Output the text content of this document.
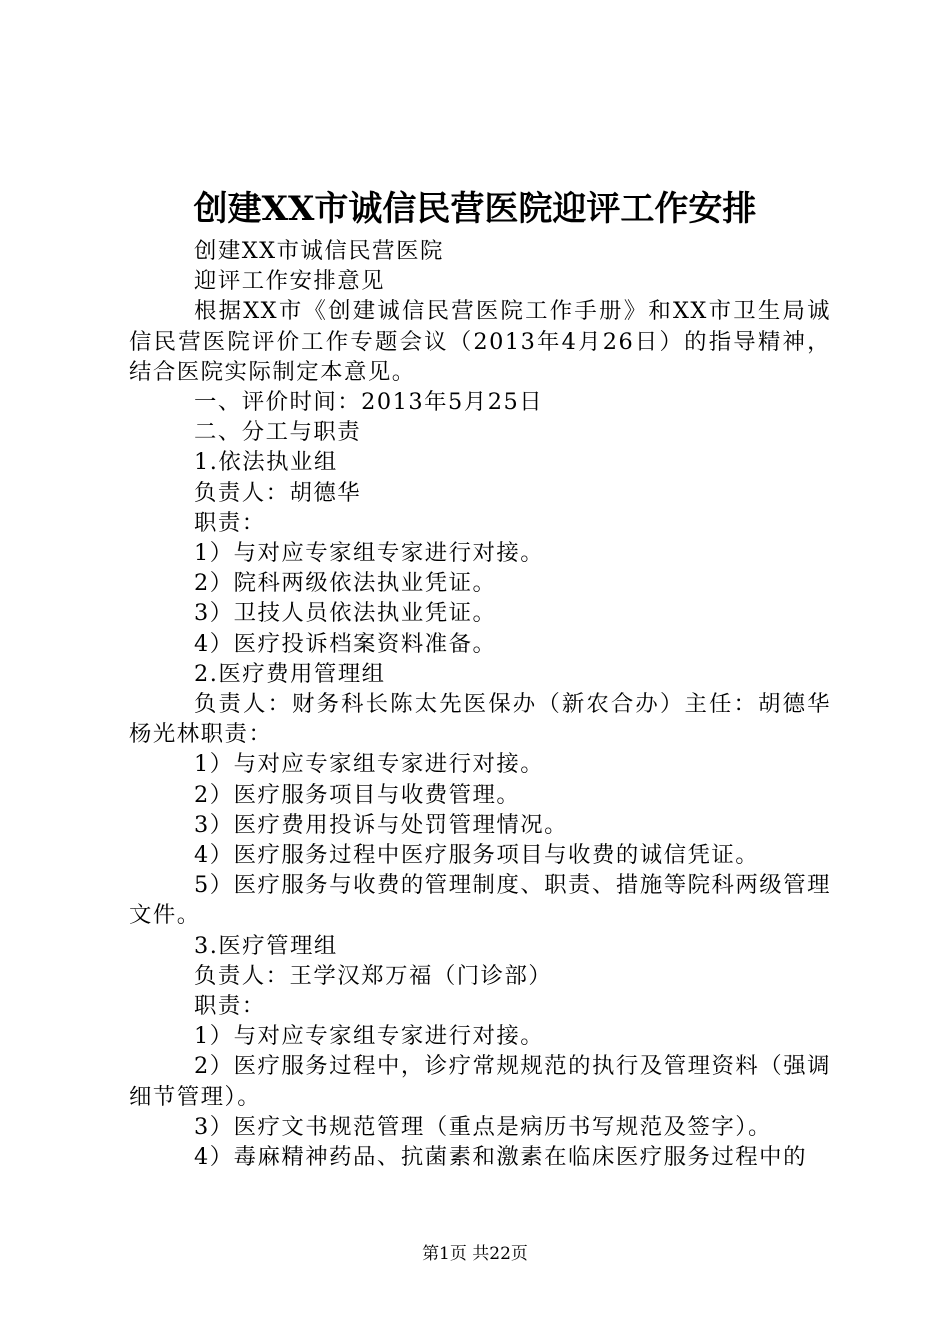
创建XX市诚信民营医院迎评工作安排

创建XX市诚信民营医院

迎评工作安排意见

根据XX市《创建诚信民营医院工作手册》和XX市卫生局诚信民营医院评价工作专题会议（2013年4月26日）的指导精神，结合医院实际制定本意见。

一、评价时间：2013年5月25日

二、分工与职责

1.依法执业组

负责人：胡德华

职责：

1）与对应专家组专家进行对接。

2）院科两级依法执业凭证。

3）卫技人员依法执业凭证。

4）医疗投诉档案资料准备。

2.医疗费用管理组

负责人：财务科长陈太先医保办（新农合办）主任：胡德华杨光林职责：

1）与对应专家组专家进行对接。

2）医疗服务项目与收费管理。

3）医疗费用投诉与处罚管理情况。

4）医疗服务过程中医疗服务项目与收费的诚信凭证。

5）医疗服务与收费的管理制度、职责、措施等院科两级管理文件。

3.医疗管理组

负责人：王学汉郑万福（门诊部）

职责：

1）与对应专家组专家进行对接。

2）医疗服务过程中，诊疗常规规范的执行及管理资料（强调细节管理）。

3）医疗文书规范管理（重点是病历书写规范及签字）。

4）毒麻精神药品、抗菌素和激素在临床医疗服务过程中的

第1页 共22页
